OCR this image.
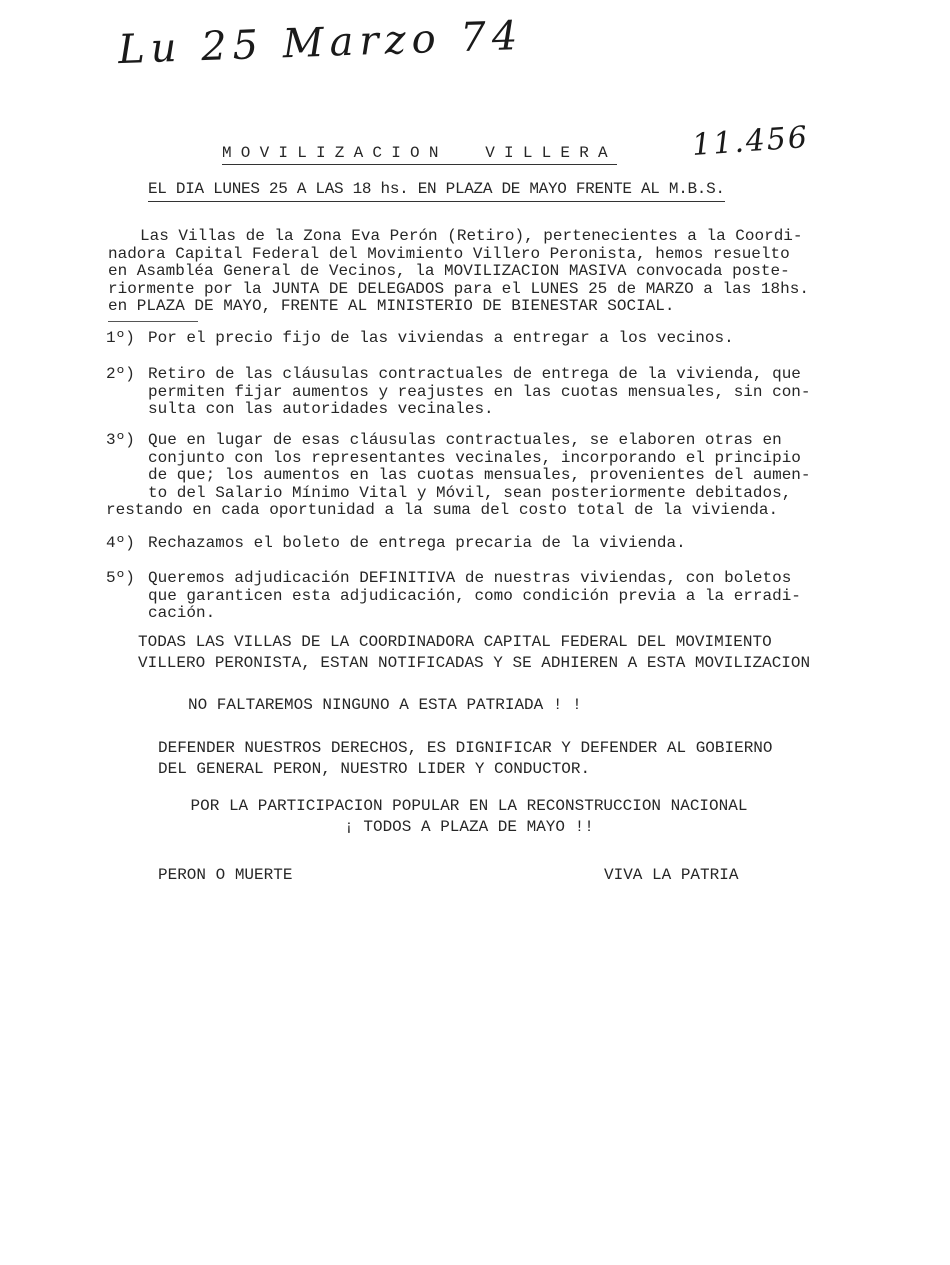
Lu 25 Marzo 74
11.456
MOVILIZACION  VILLERA
EL DIA LUNES 25 A LAS 18 hs. EN PLAZA DE MAYO FRENTE AL M.B.S.
Las Villas de la Zona Eva Perón (Retiro), pertenecientes a la Coordi-
nadora Capital Federal del Movimiento Villero Peronista, hemos resuelto
en Asambléa General de Vecinos, la MOVILIZACION MASIVA convocada poste-
riormente por la JUNTA DE DELEGADOS para el LUNES 25 de MARZO a las 18hs.
en PLAZA DE MAYO, FRENTE AL MINISTERIO DE BIENESTAR SOCIAL.
1º) Por el precio fijo de las viviendas a entregar a los vecinos.
2º) Retiro de las cláusulas contractuales de entrega de la vivienda, que
permiten fijar aumentos y reajustes en las cuotas mensuales, sin con-
sulta con las autoridades vecinales.
3º) Que en lugar de esas cláusulas contractuales, se elaboren otras en
conjunto con los representantes vecinales, incorporando el principio
de que; los aumentos en las cuotas mensuales, provenientes del aumen-
to del Salario Mínimo Vital y Móvil, sean posteriormente debitados,
restando en cada oportunidad a la suma del costo total de la vivienda.
4º) Rechazamos el boleto de entrega precaria de la vivienda.
5º) Queremos adjudicación DEFINITIVA de nuestras viviendas, con boletos
que garanticen esta adjudicación, como condición previa a la erradi-
cación.
TODAS LAS VILLAS DE LA COORDINADORA CAPITAL FEDERAL DEL MOVIMIENTO
VILLERO PERONISTA, ESTAN NOTIFICADAS Y SE ADHIEREN A ESTA MOVILIZACION
NO FALTAREMOS NINGUNO A ESTA PATRIADA ! !
DEFENDER NUESTROS DERECHOS, ES DIGNIFICAR Y DEFENDER AL GOBIERNO
DEL GENERAL PERON, NUESTRO LIDER Y CONDUCTOR.
POR LA PARTICIPACION POPULAR EN LA RECONSTRUCCION NACIONAL
¡ TODOS A PLAZA DE MAYO !!
PERON O MUERTE	VIVA LA PATRIA
